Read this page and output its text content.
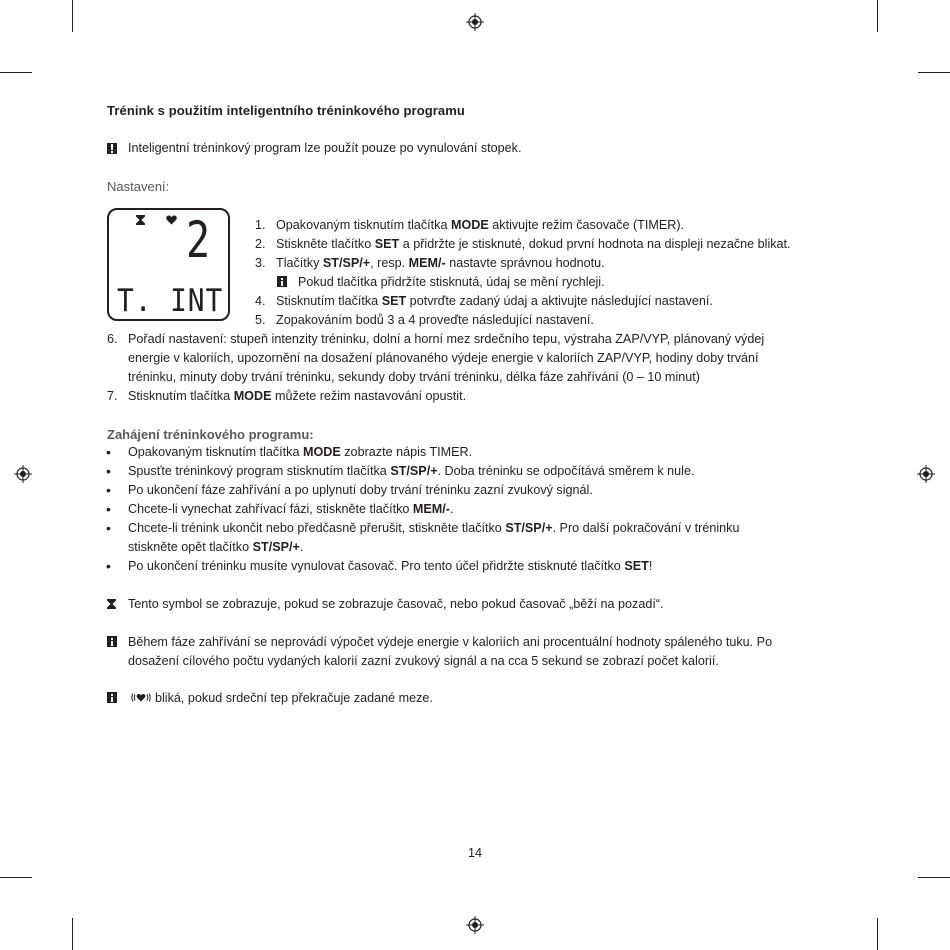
Trénink s použitím inteligentního tréninkového programu
Inteligentní tréninkový program lze použít pouze po vynulování stopek.
Nastavení:
2
T. INT
1. Opakovaným tisknutím tlačítka MODE aktivujte režim časovače (TIMER).
2. Stiskněte tlačítko SET a přidržte je stisknuté, dokud první hodnota na displeji nezačne blikat.
3. Tlačítky ST/SP/+, resp. MEM/- nastavte správnou hodnotu.
Pokud tlačítka přidržíte stisknutá, údaj se mění rychleji.
4. Stisknutím tlačítka SET potvrďte zadaný údaj a aktivujte následující nastavení.
5. Zopakováním bodů 3 a 4 proveďte následující nastavení.
6. Pořadí nastavení: stupeň intenzity tréninku, dolní a horní mez srdečního tepu, výstraha ZAP/VYP, plánovaný výdej
energie v kaloriích, upozornění na dosažení plánovaného výdeje energie v kaloriích ZAP/VYP, hodiny doby trvání
tréninku, minuty doby trvání tréninku, sekundy doby trvání tréninku, délka fáze zahřívání (0 – 10 minut)
7. Stisknutím tlačítka MODE můžete režim nastavování opustit.
Zahájení tréninkového programu:
• Opakovaným tisknutím tlačítka MODE zobrazte nápis TIMER.
• Spusťte tréninkový program stisknutím tlačítka ST/SP/+. Doba tréninku se odpočítává směrem k nule.
• Po ukončení fáze zahřívání a po uplynutí doby trvání tréninku zazní zvukový signál.
• Chcete-li vynechat zahřívací fázi, stiskněte tlačítko MEM/-.
• Chcete-li trénink ukončit nebo předčasně přerušit, stiskněte tlačítko ST/SP/+. Pro další pokračování v tréninku
stiskněte opět tlačítko ST/SP/+.
• Po ukončení tréninku musíte vynulovat časovač. Pro tento účel přidržte stisknuté tlačítko SET!
Tento symbol se zobrazuje, pokud se zobrazuje časovač, nebo pokud časovač „běží na pozadí“.
Během fáze zahřívání se neprovádí výpočet výdeje energie v kaloriích ani procentuální hodnoty spáleného tuku. Po
dosažení cílového počtu vydaných kalorií zazní zvukový signál a na cca 5 sekund se zobrazí počet kalorií.
bliká, pokud srdeční tep překračuje zadané meze.
14
